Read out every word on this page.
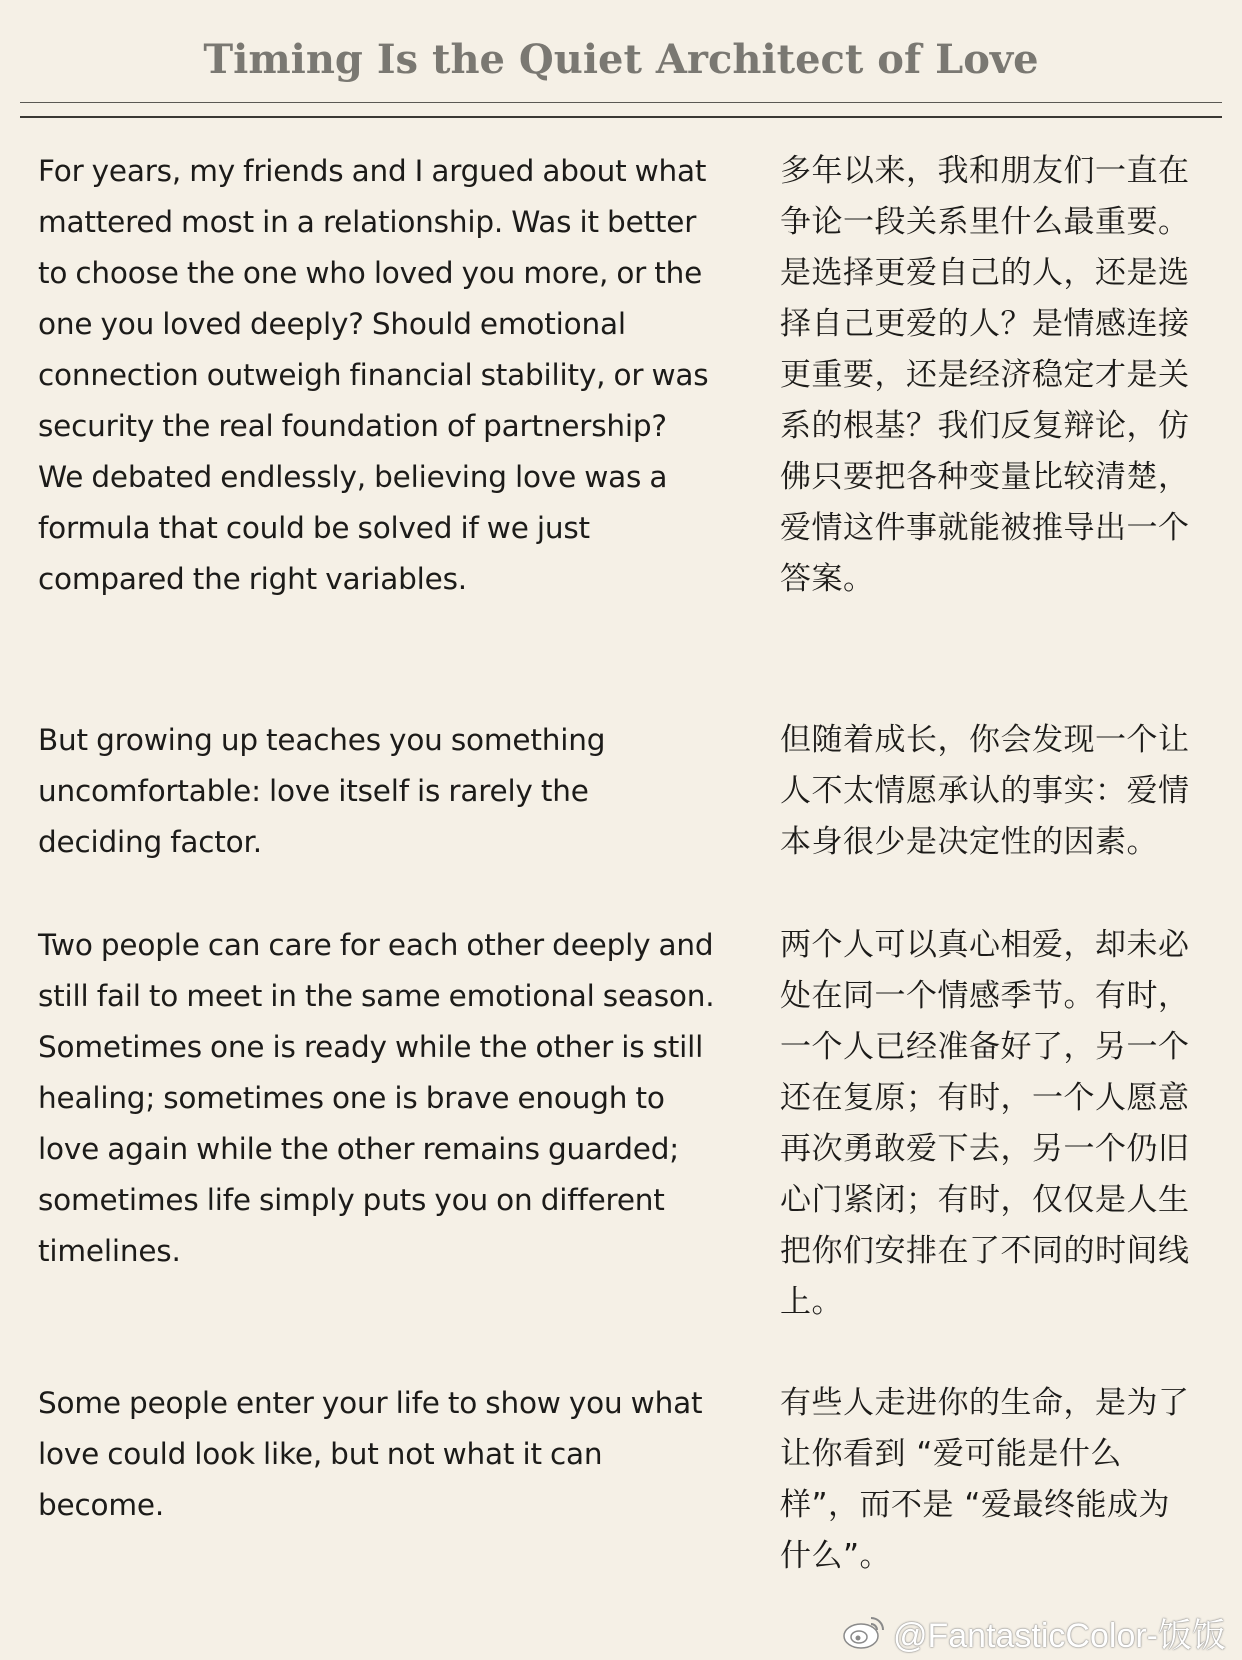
Timing Is the Quiet Architect of Love

For years, my friends and I argued about what mattered most in a relationship. Was it better to choose the one who loved you more, or the one you loved deeply? Should emotional connection outweigh financial stability, or was security the real foundation of partnership? We debated endlessly, believing love was a formula that could be solved if we just compared the right variables.

多年以来，我和朋友们一直在争论一段关系里什么最重要。是选择更爱自己的人，还是选择自己更爱的人？是情感连接更重要，还是经济稳定才是关系的根基？我们反复辩论，仿佛只要把各种变量比较清楚，爱情这件事就能被推导出一个答案。

But growing up teaches you something uncomfortable: love itself is rarely the deciding factor.

但随着成长，你会发现一个让人不太情愿承认的事实：爱情本身很少是决定性的因素。

Two people can care for each other deeply and still fail to meet in the same emotional season. Sometimes one is ready while the other is still healing; sometimes one is brave enough to love again while the other remains guarded; sometimes life simply puts you on different timelines.

两个人可以真心相爱，却未必处在同一个情感季节。有时，一个人已经准备好了，另一个还在复原；有时，一个人愿意再次勇敢爱下去，另一个仍旧心门紧闭；有时，仅仅是人生把你们安排在了不同的时间线上。

Some people enter your life to show you what love could look like, but not what it can become.

有些人走进你的生命，是为了让你看到 “爱可能是什么样”，而不是 “爱最终能成为什么”。

@FantasticColor-饭饭
